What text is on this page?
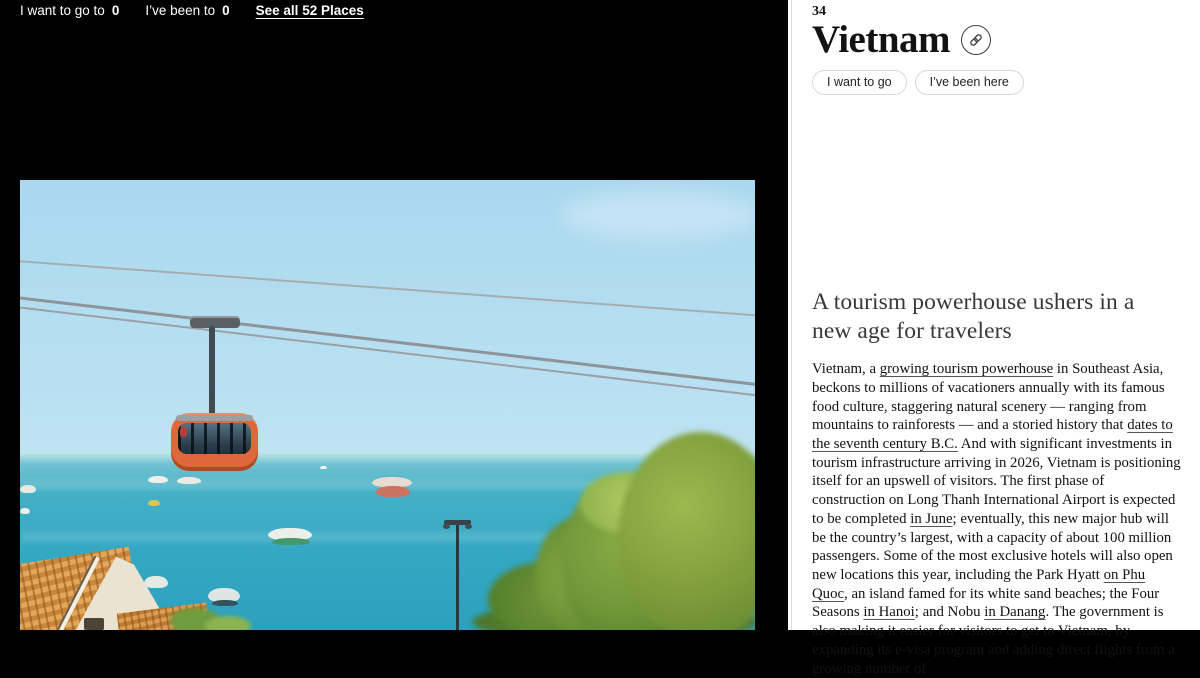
I want to go to 0 I’ve been to 0 See all 52 Places	34
Vietnam
I want to go	I’ve been here
A tourism powerhouse ushers in a new age for travelers
Vietnam, a growing tourism powerhouse in Southeast Asia, beckons to millions of vacationers annually with its famous food culture, staggering natural scenery — ranging from mountains to rainforests — and a storied history that dates to the seventh century B.C. And with significant investments in tourism infrastructure arriving in 2026, Vietnam is positioning itself for an upswell of visitors. The first phase of construction on Long Thanh International Airport is expected to be completed in June; eventually, this new major hub will be the country’s largest, with a capacity of about 100 million passengers. Some of the most exclusive hotels will also open new locations this year, including the Park Hyatt on Phu Quoc, an island famed for its white sand beaches; the Four Seasons in Hanoi; and Nobu in Danang. The government is also making it easier for visitors to get to Vietnam, by expanding its e-visa program and adding direct flights from a growing number of
